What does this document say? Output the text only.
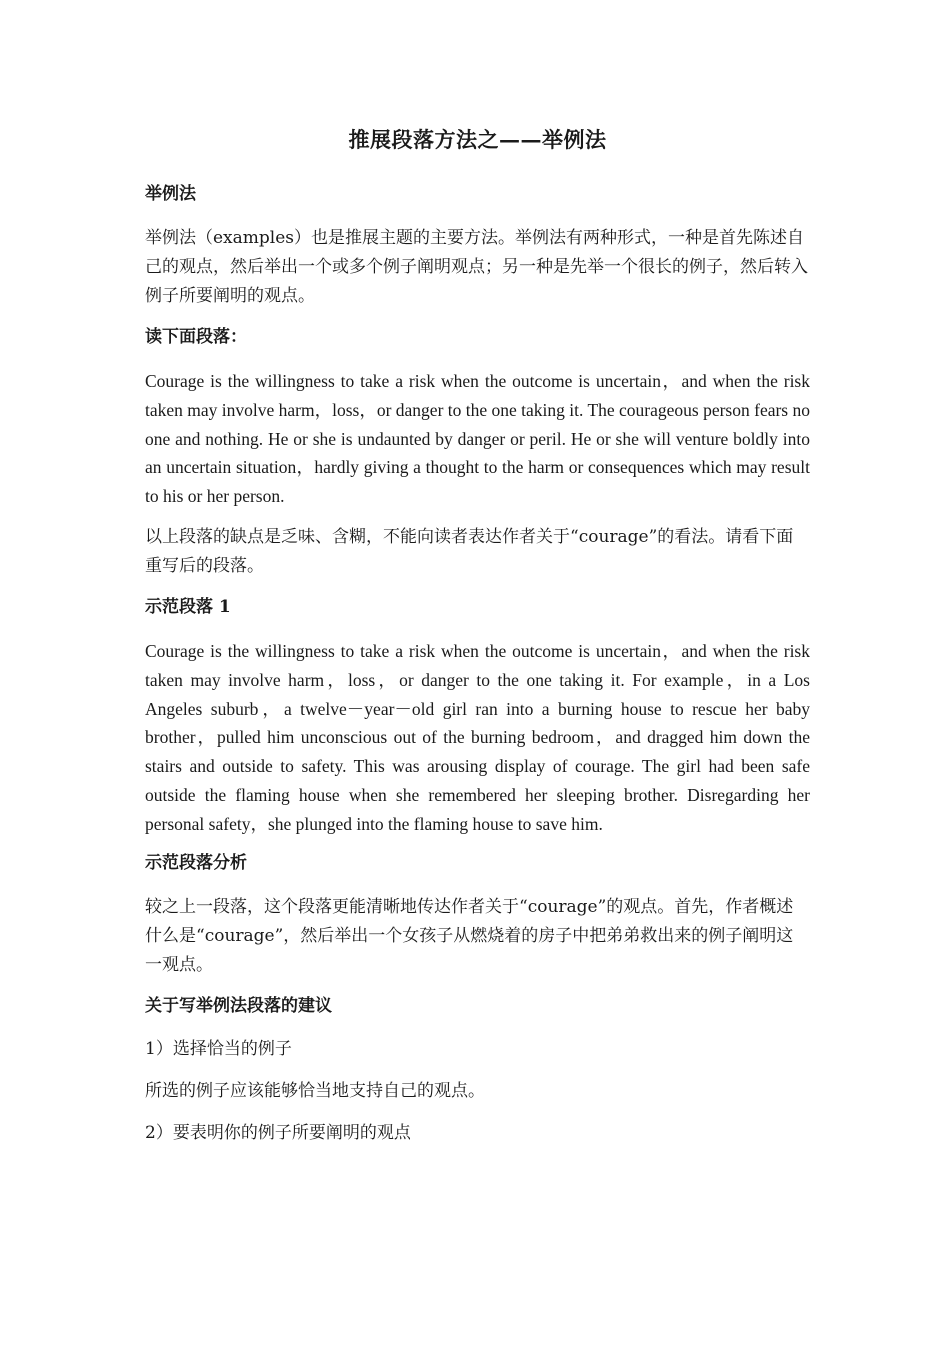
推展段落方法之——举例法
举例法
举例法（examples）也是推展主题的主要方法。举例法有两种形式，一种是首先陈述自己的观点，然后举出一个或多个例子阐明观点；另一种是先举一个很长的例子，然后转入例子所要阐明的观点。
读下面段落：
Courage is the willingness to take a risk when the outcome is uncertain，and when the risk taken may involve harm，loss，or danger to the one taking it. The courageous person fears no one and nothing. He or she is undaunted by danger or peril. He or she will venture boldly into an uncertain situation，hardly giving a thought to the harm or consequences which may result to his or her person.
以上段落的缺点是乏味、含糊，不能向读者表达作者关于“courage”的看法。请看下面重写后的段落。
示范段落 1
Courage is the willingness to take a risk when the outcome is uncertain，and when the risk taken may involve harm，loss，or danger to the one taking it. For example，in a Los Angeles suburb，a twelve－year－old girl ran into a burning house to rescue her baby brother，pulled him unconscious out of the burning bedroom，and dragged him down the stairs and outside to safety. This was arousing display of courage. The girl had been safe outside the flaming house when she remembered her sleeping brother. Disregarding her personal safety，she plunged into the flaming house to save him.
示范段落分析
较之上一段落，这个段落更能清晰地传达作者关于“courage”的观点。首先，作者概述什么是“courage”，然后举出一个女孩子从燃烧着的房子中把弟弟救出来的例子阐明这一观点。
关于写举例法段落的建议
1）选择恰当的例子
所选的例子应该能够恰当地支持自己的观点。
2）要表明你的例子所要阐明的观点
